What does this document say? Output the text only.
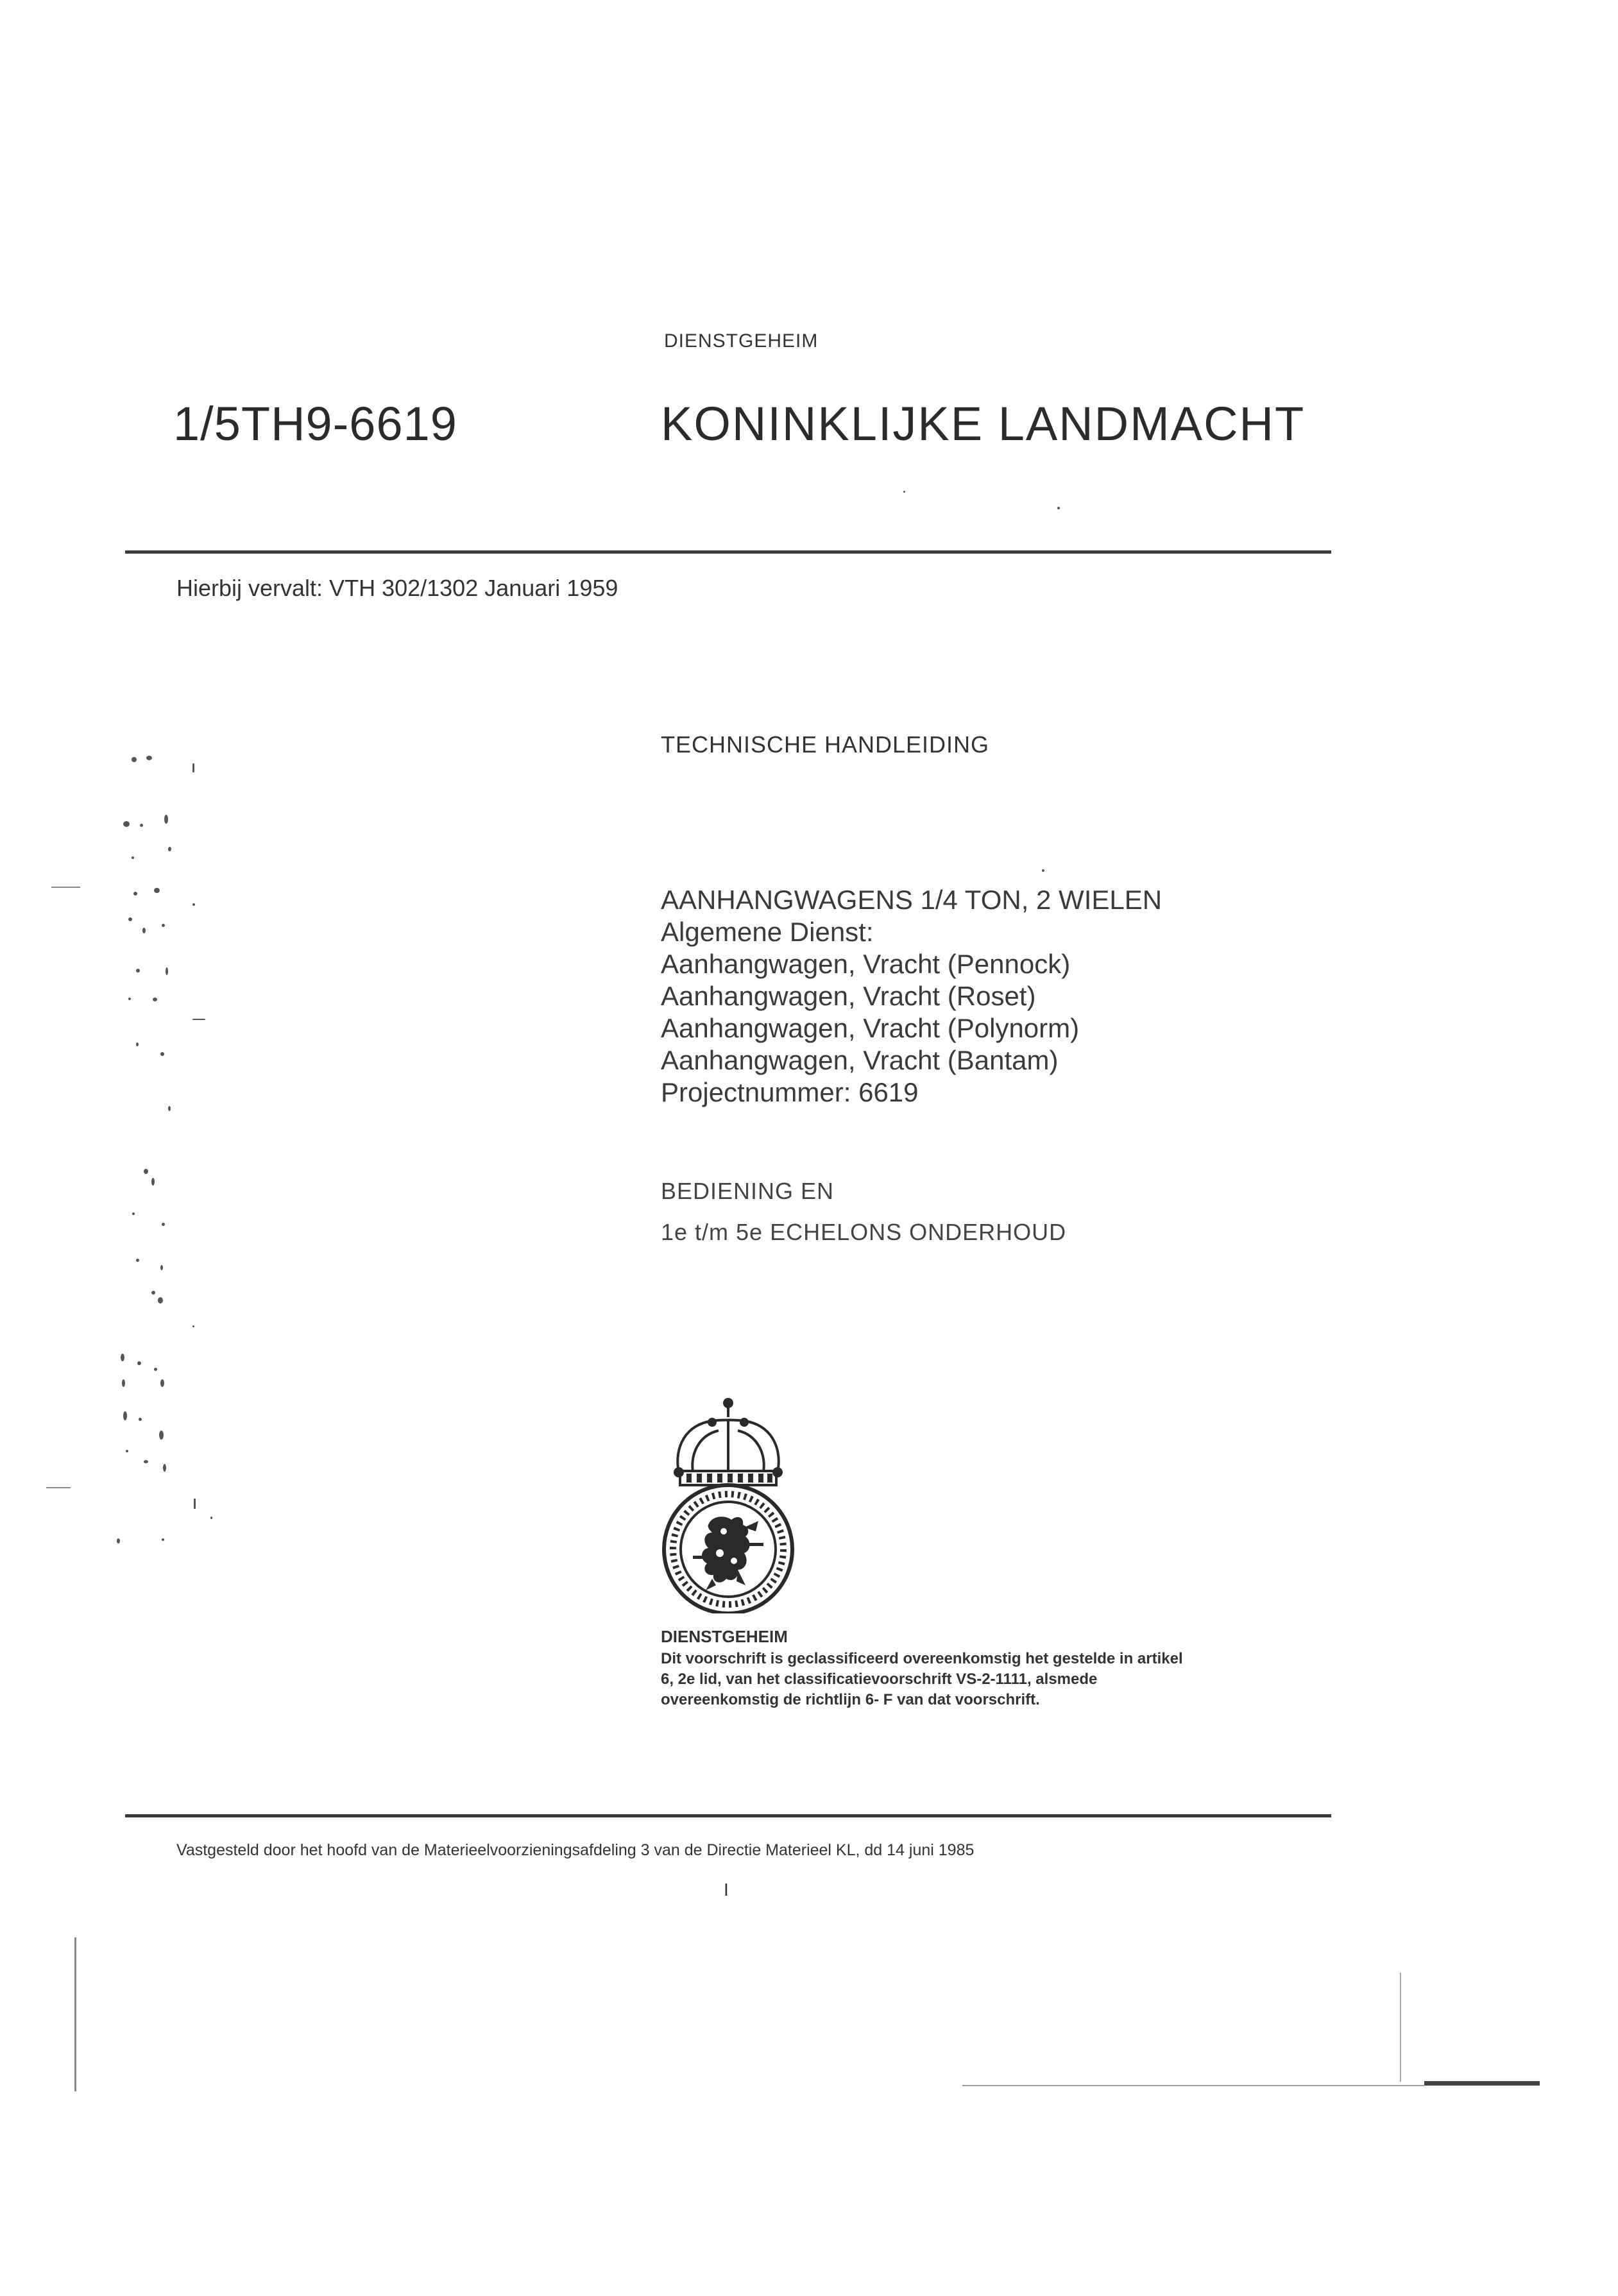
DIENSTGEHEIM
1/5TH9-6619	KONINKLIJKE LANDMACHT
Hierbij vervalt: VTH 302/1302 Januari 1959
TECHNISCHE HANDLEIDING
AANHANGWAGENS 1/4 TON, 2 WIELEN
Algemene Dienst:
Aanhangwagen, Vracht (Pennock)
Aanhangwagen, Vracht (Roset)
Aanhangwagen, Vracht (Polynorm)
Aanhangwagen, Vracht (Bantam)
Projectnummer: 6619
BEDIENING EN
1e t/m 5e ECHELONS ONDERHOUD
DIENSTGEHEIM
Dit voorschrift is geclassificeerd overeenkomstig het gestelde in artikel 6, 2e lid, van het classificatievoorschrift VS-2-1111, alsmede overeenkomstig de richtlijn 6- F van dat voorschrift.
Vastgesteld door het hoofd van de Materieelvoorzieningsafdeling 3 van de Directie Materieel KL, dd 14 juni 1985
I
